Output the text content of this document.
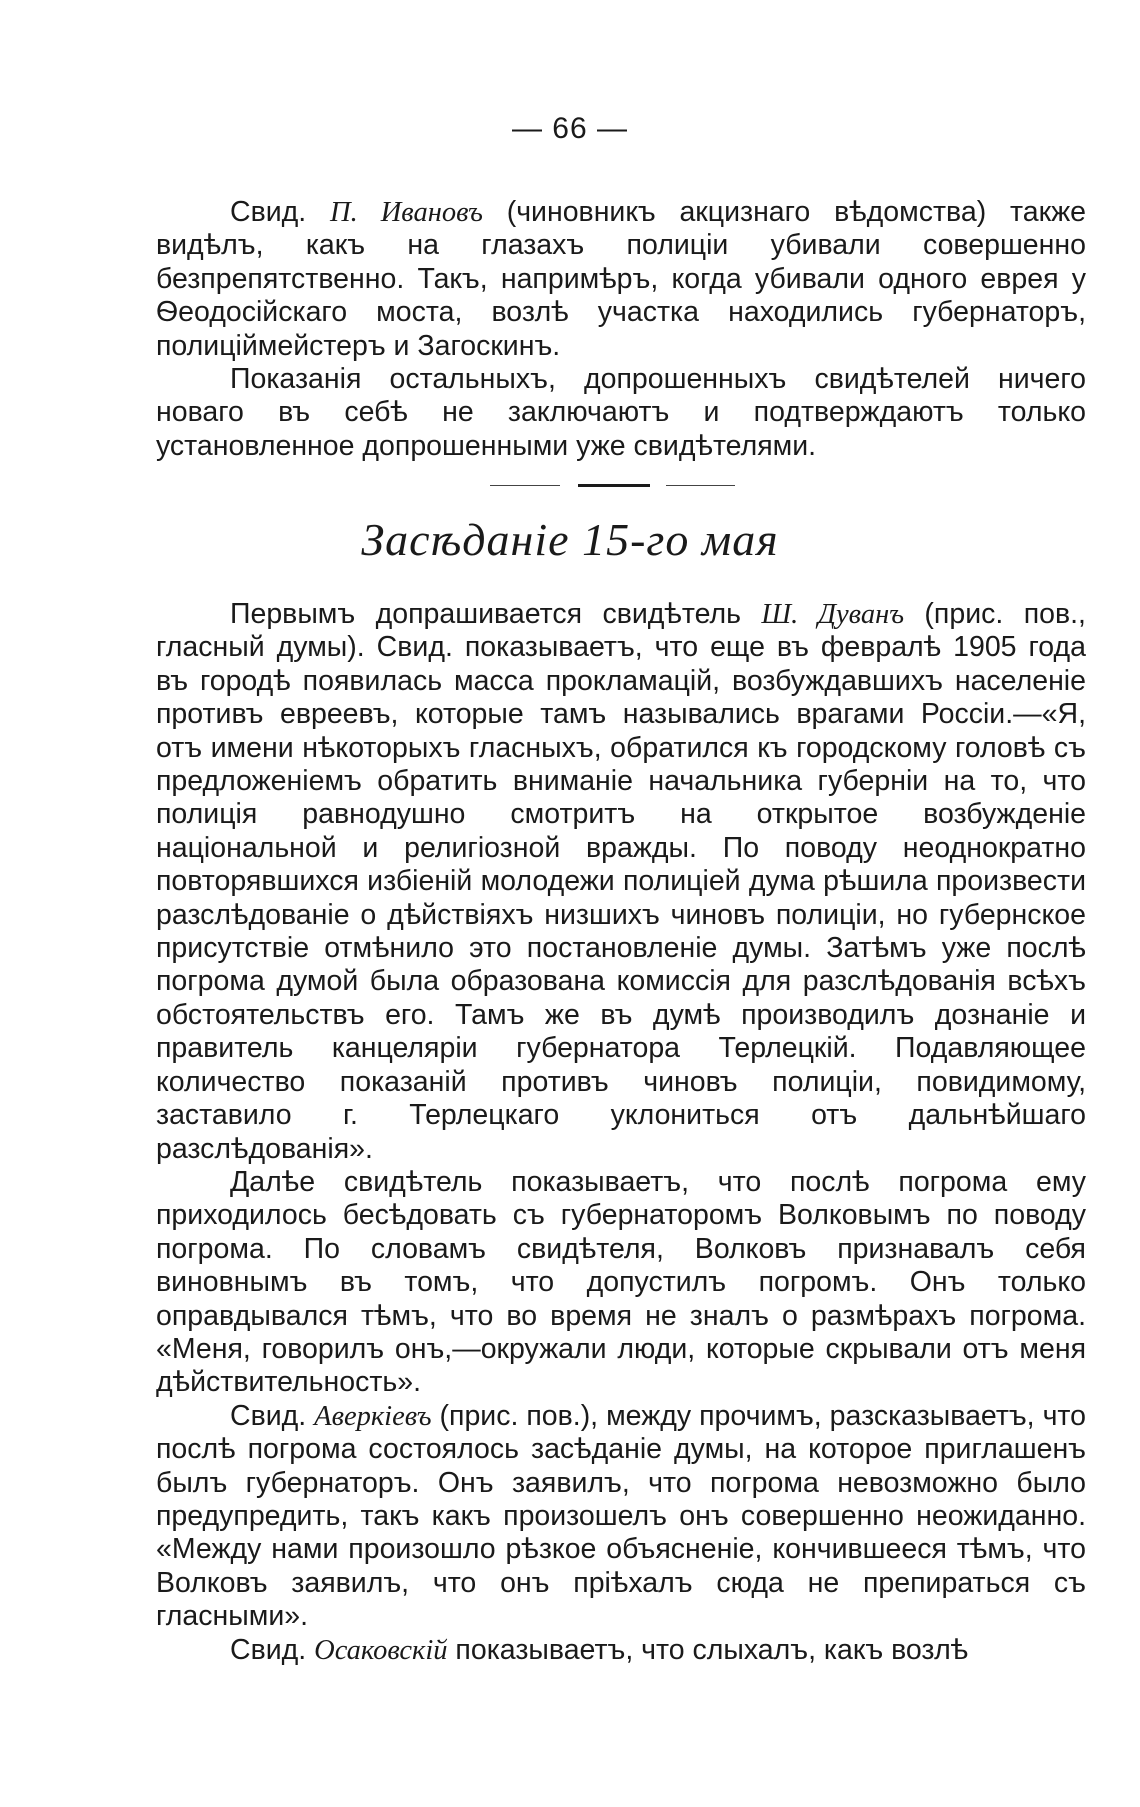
— 66 —

Свид. П. Ивановъ (чиновникъ акцизнаго вѣдомства) также видѣлъ, какъ на глазахъ полиціи убивали совершенно безпрепятственно. Такъ, напримѣръ, когда убивали одного еврея у Ѳеодосійскаго моста, возлѣ участка находились губернаторъ, полиціймейстеръ и Загоскинъ.

Показанія остальныхъ, допрошенныхъ свидѣтелей ничего новаго въ себѣ не заключаютъ и подтверждаютъ только установленное допрошенными уже свидѣтелями.

Засѣданіе 15-го мая

Первымъ допрашивается свидѣтель Ш. Дуванъ (прис. пов., гласный думы). Свид. показываетъ, что еще въ февралѣ 1905 года въ городѣ появилась масса прокламацій, возбуждавшихъ населеніе противъ евреевъ, которые тамъ назывались врагами Россіи.—«Я, отъ имени нѣкоторыхъ гласныхъ, обратился къ городскому головѣ съ предложеніемъ обратить вниманіе начальника губерніи на то, что полиція равнодушно смотритъ на открытое возбужденіе національной и религіозной вражды. По поводу неоднократно повторявшихся избіеній молодежи полиціей дума рѣшила произвести разслѣдованіе о дѣйствіяхъ низшихъ чиновъ полиціи, но губернское присутствіе отмѣнило это постановленіе думы. Затѣмъ уже послѣ погрома думой была образована комиссія для разслѣдованія всѣхъ обстоятельствъ его. Тамъ же въ думѣ производилъ дознаніе и правитель канцеляріи губернатора Терлецкій. Подавляющее количество показаній противъ чиновъ полиціи, повидимому, заставило г. Терлецкаго уклониться отъ дальнѣйшаго разслѣдованія».

Далѣе свидѣтель показываетъ, что послѣ погрома ему приходилось бесѣдовать съ губернаторомъ Волковымъ по поводу погрома. По словамъ свидѣтеля, Волковъ признавалъ себя виновнымъ въ томъ, что допустилъ погромъ. Онъ только оправдывался тѣмъ, что во время не зналъ о размѣрахъ погрома. «Меня, говорилъ онъ,—окружали люди, которые скрывали отъ меня дѣйствительность».

Свид. Аверкіевъ (прис. пов.), между прочимъ, разсказываетъ, что послѣ погрома состоялось засѣданіе думы, на которое приглашенъ былъ губернаторъ. Онъ заявилъ, что погрома невозможно было предупредить, такъ какъ произошелъ онъ совершенно неожиданно. «Между нами произошло рѣзкое объясненіе, кончившееся тѣмъ, что Волковъ заявилъ, что онъ пріѣхалъ сюда не препираться съ гласными».

Свид. Осаковскій показываетъ, что слыхалъ, какъ возлѣ
